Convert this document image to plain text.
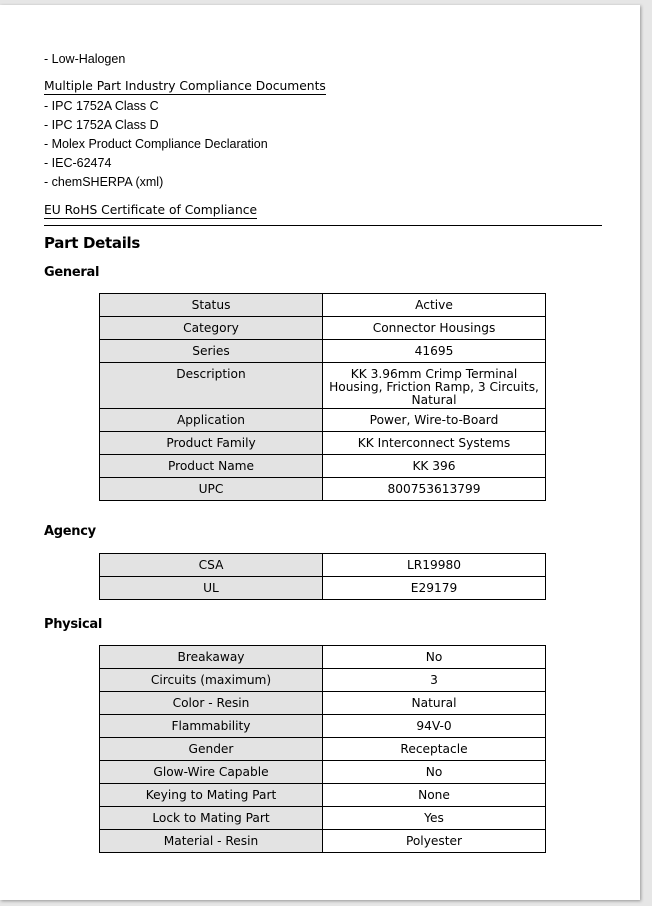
- Low-Halogen
Multiple Part Industry Compliance Documents
- IPC 1752A Class C
- IPC 1752A Class D
- Molex Product Compliance Declaration
- IEC-62474
- chemSHERPA (xml)
EU RoHS Certificate of Compliance
Part Details
General
Status	Active
Category	Connector Housings
Series	41695
Description	KK 3.96mm Crimp Terminal Housing, Friction Ramp, 3 Circuits, Natural
Application	Power, Wire-to-Board
Product Family	KK Interconnect Systems
Product Name	KK 396
UPC	800753613799
Agency
CSA	LR19980
UL	E29179
Physical
Breakaway	No
Circuits (maximum)	3
Color - Resin	Natural
Flammability	94V-0
Gender	Receptacle
Glow-Wire Capable	No
Keying to Mating Part	None
Lock to Mating Part	Yes
Material - Resin	Polyester
